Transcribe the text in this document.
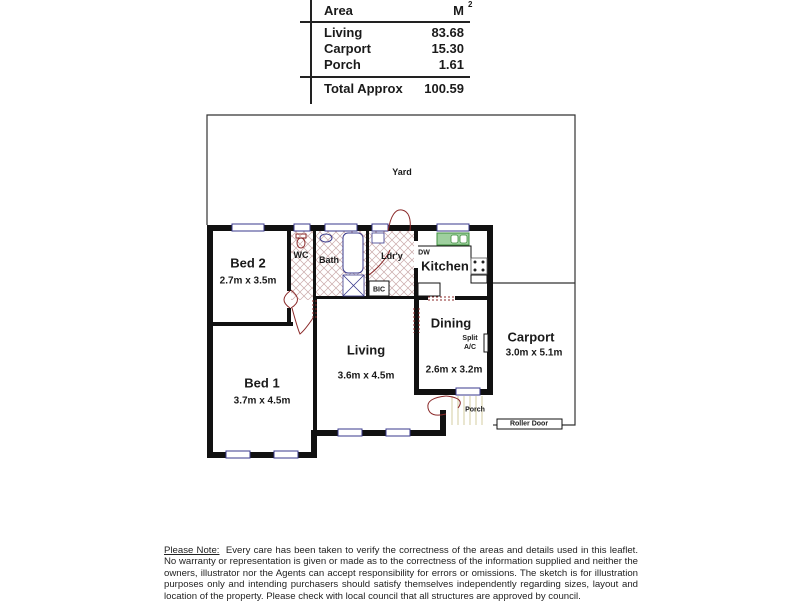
Area	M 2
Living	83.68
Carport	15.30
Porch	1.61
Total Approx 100.59
Yard
Bed 2
2.7m x 3.5m
WC Bath	Ldr'y
BIC
DW
Kitchen
Dining
Split A/C
2.6m x 3.2m
Living
3.6m x 4.5m
Bed 1
3.7m x 4.5m
Carport
3.0m x 5.1m
Roller Door
Porch
Please Note: Every care has been taken to verify the correctness of the areas and details used in this leaflet. No warranty or representation is given or made as to the correctness of the information supplied and neither the owners, illustrator nor the Agents can accept responsibility for errors or omissions. The sketch is for illustration purposes only and intending purchasers should satisfy themselves independently regarding sizes, layout and location of the property. Please check with local council that all structures are approved by council.
